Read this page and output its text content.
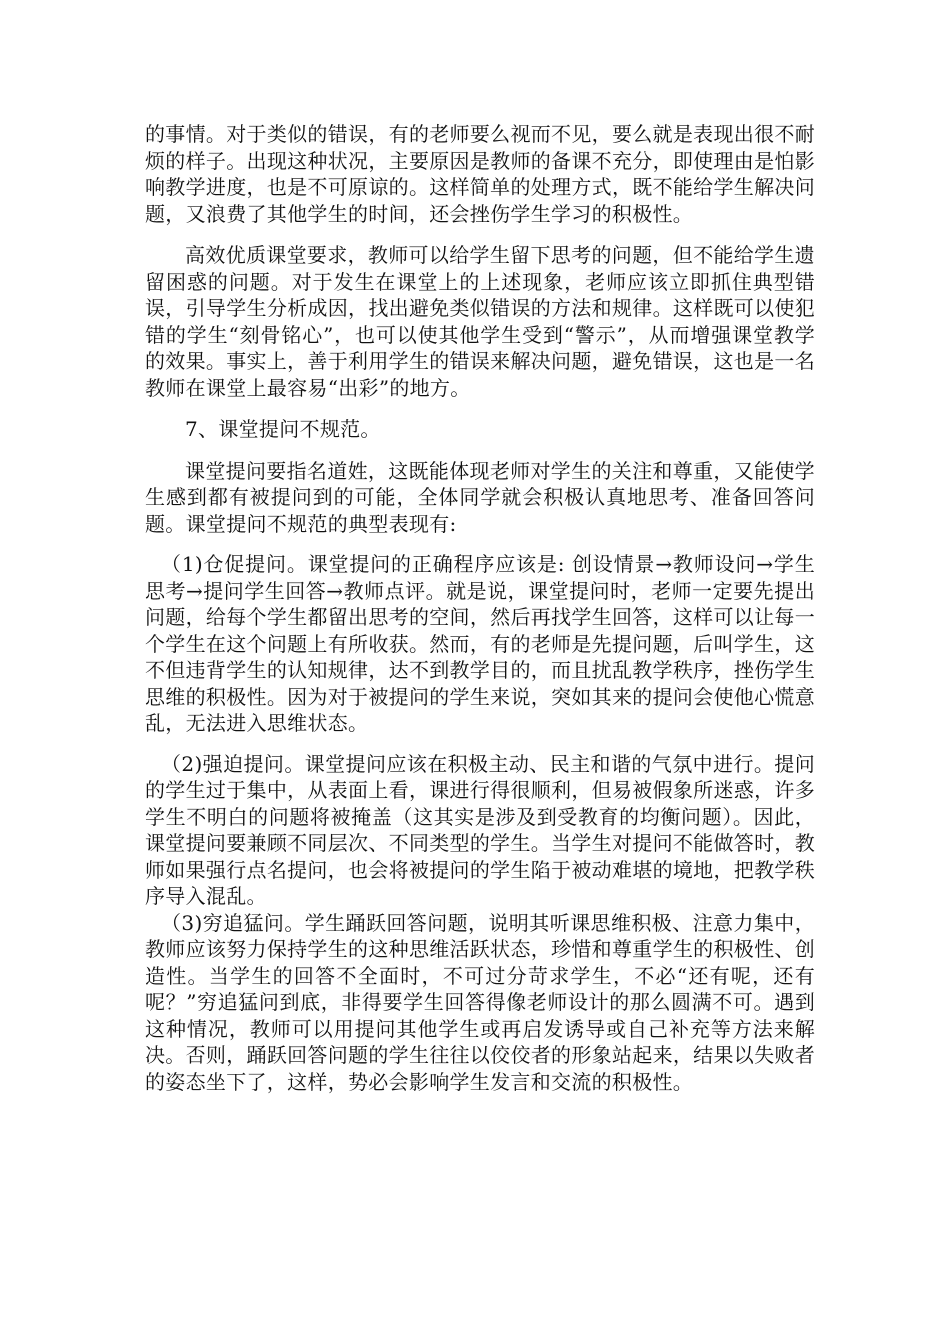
的事情。对于类似的错误，有的老师要么视而不见，要么就是表现出很不耐烦的样子。出现这种状况，主要原因是教师的备课不充分，即使理由是怕影响教学进度，也是不可原谅的。这样简单的处理方式，既不能给学生解决问题，又浪费了其他学生的时间，还会挫伤学生学习的积极性。

高效优质课堂要求，教师可以给学生留下思考的问题，但不能给学生遗留困惑的问题。对于发生在课堂上的上述现象，老师应该立即抓住典型错误，引导学生分析成因，找出避免类似错误的方法和规律。这样既可以使犯错的学生“刻骨铭心”，也可以使其他学生受到“警示”，从而增强课堂教学的效果。事实上，善于利用学生的错误来解决问题，避免错误，这也是一名教师在课堂上最容易“出彩”的地方。

7、课堂提问不规范。

课堂提问要指名道姓，这既能体现老师对学生的关注和尊重，又能使学生感到都有被提问到的可能，全体同学就会积极认真地思考、准备回答问题。课堂提问不规范的典型表现有:

（1)仓促提问。课堂提问的正确程序应该是: 创设情景→教师设问→学生思考→提问学生回答→教师点评。就是说，课堂提问时，老师一定要先提出问题，给每个学生都留出思考的空间，然后再找学生回答，这样可以让每一个学生在这个问题上有所收获。然而，有的老师是先提问题，后叫学生，这不但违背学生的认知规律，达不到教学目的，而且扰乱教学秩序，挫伤学生思维的积极性。因为对于被提问的学生来说，突如其来的提问会使他心慌意乱，无法进入思维状态。

（2)强迫提问。课堂提问应该在积极主动、民主和谐的气氛中进行。提问的学生过于集中，从表面上看，课进行得很顺利，但易被假象所迷惑，许多学生不明白的问题将被掩盖（这其实是涉及到受教育的均衡问题）。因此，课堂提问要兼顾不同层次、不同类型的学生。当学生对提问不能做答时，教师如果强行点名提问，也会将被提问的学生陷于被动难堪的境地，把教学秩序导入混乱。

（3)穷追猛问。学生踊跃回答问题，说明其听课思维积极、注意力集中，教师应该努力保持学生的这种思维活跃状态，珍惜和尊重学生的积极性、创造性。当学生的回答不全面时，不可过分苛求学生，不必“还有呢，还有呢？”穷追猛问到底，非得要学生回答得像老师设计的那么圆满不可。遇到这种情况，教师可以用提问其他学生或再启发诱导或自己补充等方法来解决。否则，踊跃回答问题的学生往往以佼佼者的形象站起来，结果以失败者的姿态坐下了，这样，势必会影响学生发言和交流的积极性。
